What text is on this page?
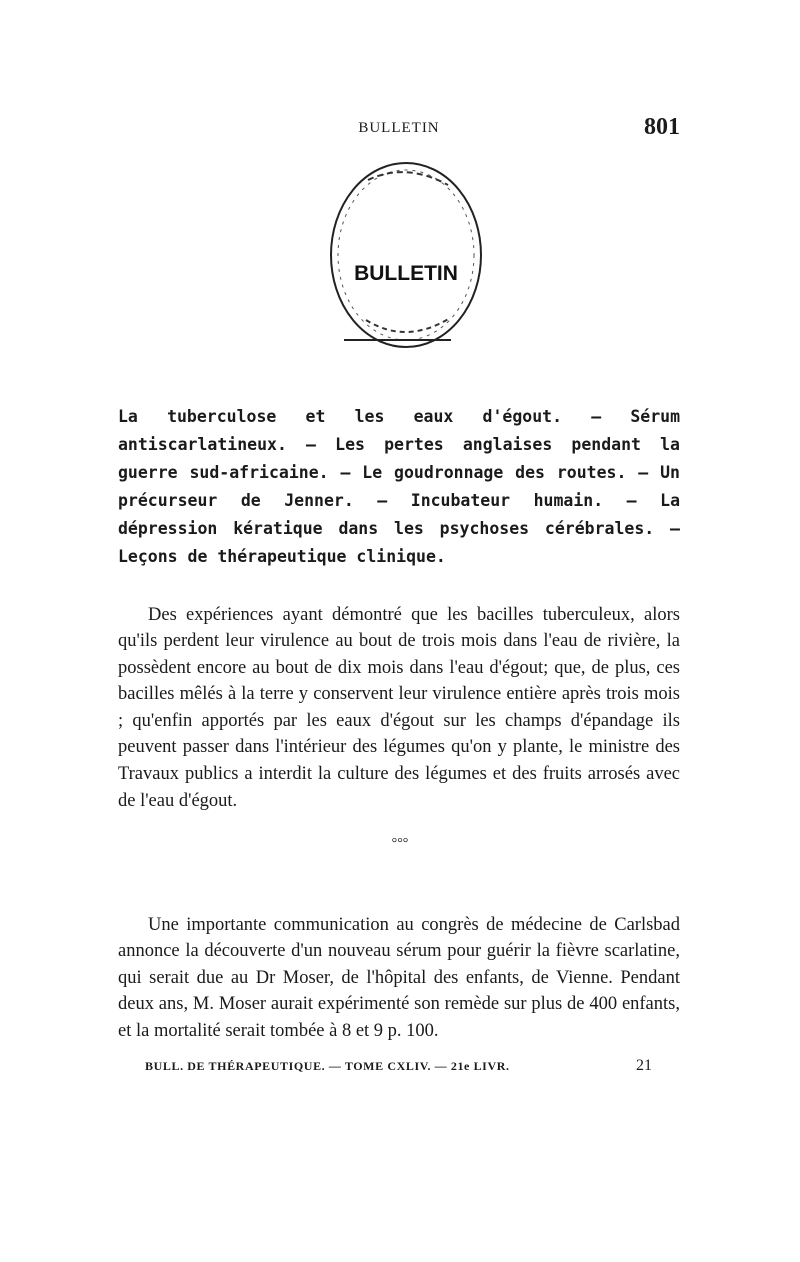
BULLETIN	801
BULLETIN
La tuberculose et les eaux d'égout. — Sérum antiscarlatineux. — Les pertes anglaises pendant la guerre sud-africaine. — Le goudronnage des routes. — Un précurseur de Jenner. — Incubateur humain. — La dépression kératique dans les psychoses cérébrales. — Leçons de thérapeutique clinique.

Des expériences ayant démontré que les bacilles tuberculeux, alors qu'ils perdent leur virulence au bout de trois mois dans l'eau de rivière, la possèdent encore au bout de dix mois dans l'eau d'égout; que, de plus, ces bacilles mêlés à la terre y conservent leur virulence entière après trois mois ; qu'enfin apportés par les eaux d'égout sur les champs d'épandage ils peuvent passer dans l'intérieur des légumes qu'on y plante, le ministre des Travaux publics a interdit la culture des légumes et des fruits arrosés avec de l'eau d'égout.

°°°

Une importante communication au congrès de médecine de Carlsbad annonce la découverte d'un nouveau sérum pour guérir la fièvre scarlatine, qui serait due au Dr Moser, de l'hôpital des enfants, de Vienne. Pendant deux ans, M. Moser aurait expérimenté son remède sur plus de 400 enfants, et la mortalité serait tombée à 8 et 9 p. 100.

BULL. DE THÉRAPEUTIQUE. — TOME CXLIV. — 21e LIVR.	21
